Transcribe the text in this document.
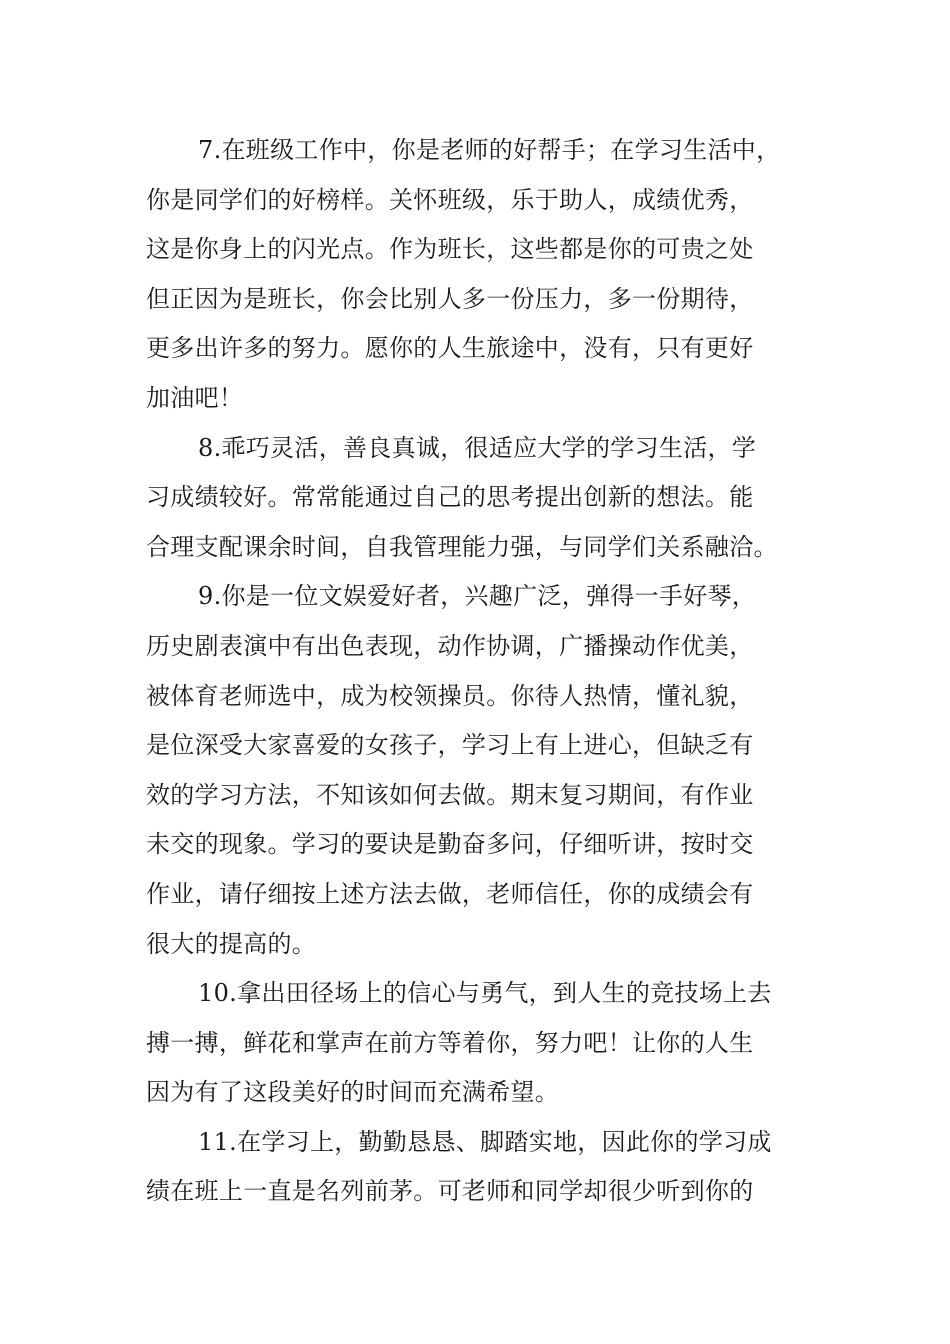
7.在班级工作中，你是老师的好帮手；在学习生活中，
你是同学们的好榜样。关怀班级，乐于助人，成绩优秀，
这是你身上的闪光点。作为班长，这些都是你的可贵之处
但正因为是班长，你会比别人多一份压力，多一份期待，
更多出许多的努力。愿你的人生旅途中，没有，只有更好
加油吧！
8.乖巧灵活，善良真诚，很适应大学的学习生活，学
习成绩较好。常常能通过自己的思考提出创新的想法。能
合理支配课余时间，自我管理能力强，与同学们关系融洽。
9.你是一位文娱爱好者，兴趣广泛，弹得一手好琴，
历史剧表演中有出色表现，动作协调，广播操动作优美，
被体育老师选中，成为校领操员。你待人热情，懂礼貌，
是位深受大家喜爱的女孩子，学习上有上进心，但缺乏有
效的学习方法，不知该如何去做。期末复习期间，有作业
未交的现象。学习的要诀是勤奋多问，仔细听讲，按时交
作业，请仔细按上述方法去做，老师信任，你的成绩会有
很大的提高的。
10.拿出田径场上的信心与勇气，到人生的竞技场上去
搏一搏，鲜花和掌声在前方等着你，努力吧！让你的人生
因为有了这段美好的时间而充满希望。
11.在学习上，勤勤恳恳、脚踏实地，因此你的学习成
绩在班上一直是名列前茅。可老师和同学却很少听到你的
